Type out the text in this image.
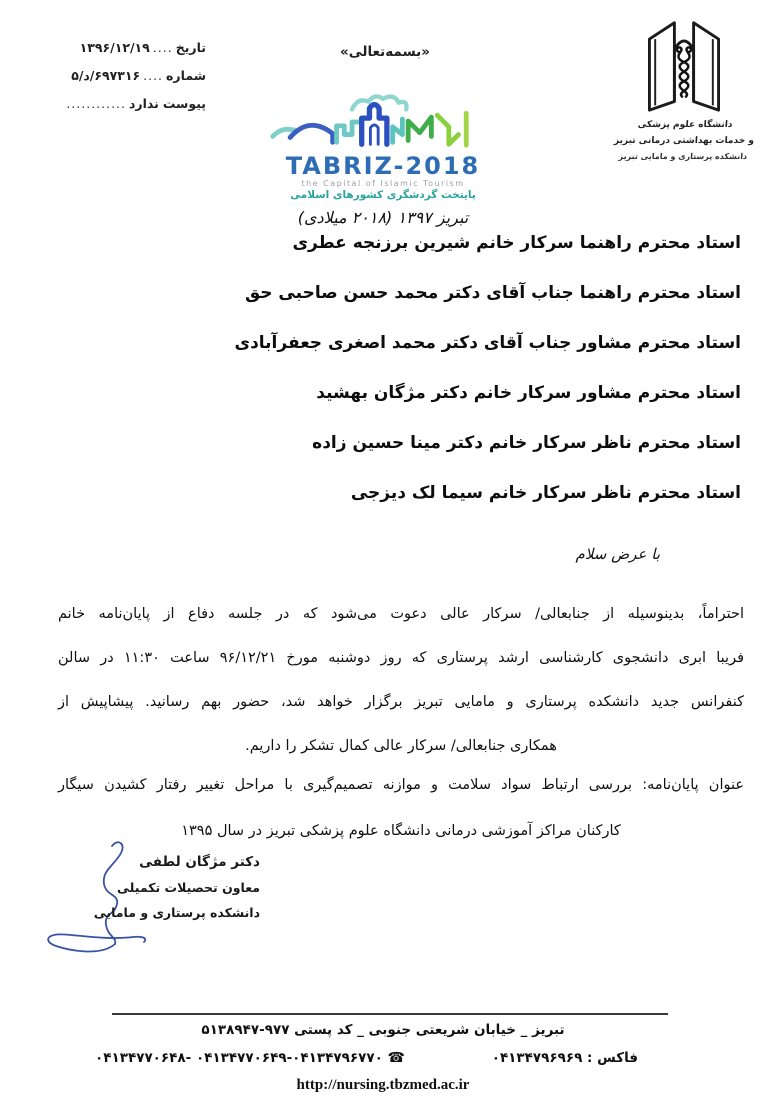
تاریخ
....
۱۳۹۶/۱۲/۱۹
شماره
....
۵/د/۶۹۷۳۱۶
پیوست
ندارد
............
«بسمه‌تعالی»
دانشگاه علوم پزشکی
و خدمات بهداشتی درمانی تبریز
دانشکده پرستاری و مامایی تبریز
TABRIZ-2018
the Capital of Islamic Tourism
پایتخت گردشگری کشورهای اسلامی
تبریز ۱۳۹۷ (۲۰۱۸ میلادی)
استاد محترم راهنما سرکار خانم شیرین برزنجه عطری
استاد محترم راهنما جناب آقای دکتر محمد حسن صاحبی حق
استاد محترم مشاور جناب آقای دکتر محمد اصغری جعفرآبادی
استاد محترم مشاور سرکار خانم دکتر مژگان بهشید
استاد محترم ناظر سرکار خانم دکتر مینا حسین زاده
استاد محترم ناظر سرکار خانم سیما لک دیزجی
با عرض سلام
احتراماً، بدینوسیله از جنابعالی/ سرکار عالی دعوت می‌شود که در جلسه دفاع از پایان‌نامه خانم
فریبا ابری دانشجوی کارشناسی ارشد پرستاری که روز دوشنبه مورخ ۹۶/۱۲/۲۱ ساعت ۱۱:۳۰ در سالن
کنفرانس جدید دانشکده پرستاری و مامایی تبریز برگزار خواهد شد، حضور بهم رسانید. پیشاپیش از
همکاری جنابعالی/ سرکار عالی کمال تشکر را داریم.
عنوان پایان‌نامه: بررسی ارتباط سواد سلامت و موازنه تصمیم‌گیری با مراحل تغییر رفتار کشیدن سیگار
کارکنان مراکز آموزشی درمانی دانشگاه علوم پزشکی تبریز در سال ۱۳۹۵
دکتر مژگان لطفی
معاون تحصیلات تکمیلی
دانشکده پرستاری و مامایی
تبریز _ خیابان شریعتی جنوبی _ کد پستی ۹۷۷-۵۱۳۸۹۴۷
فاکس : ۰۴۱۳۴۷۹۶۹۶۹
☎ ۰۴۱۳۴۷۷۰۶۴۸- ۰۴۱۳۴۷۷۰۶۴۹-۰۴۱۳۴۷۹۶۷۷۰
http://nursing.tbzmed.ac.ir
